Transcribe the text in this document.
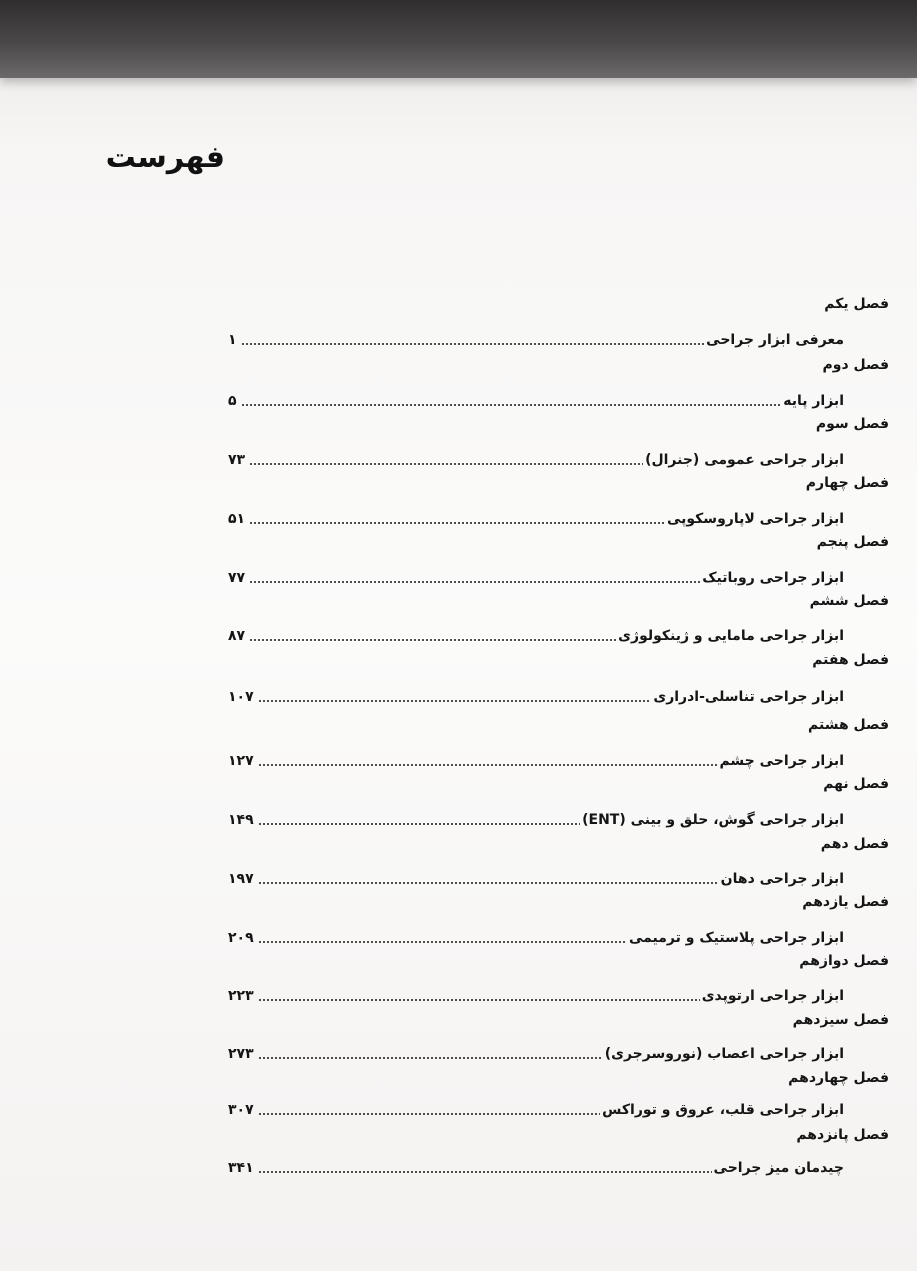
فهرست
فصل یکم
۱	معرفی ابزار جراحی
فصل دوم
۵	ابزار پایه
فصل سوم
۷۳	ابزار جراحی عمومی (جنرال)
فصل چهارم
۵۱	ابزار جراحی لاپاروسکوپی
فصل پنجم
۷۷	ابزار جراحی روباتیک
فصل ششم
۸۷	ابزار جراحی مامایی و ژینکولوژی
فصل هفتم
۱۰۷	ابزار جراحی تناسلی-ادراری
فصل هشتم
۱۲۷	ابزار جراحی چشم
فصل نهم
۱۴۹	ابزار جراحی گوش، حلق و بینی (ENT)
فصل دهم
۱۹۷	ابزار جراحی دهان
فصل یازدهم
۲۰۹	ابزار جراحی پلاستیک و ترمیمی
فصل دوازهم
۲۲۳	ابزار جراحی ارتوپدی
فصل سیزدهم
۲۷۳	ابزار جراحی اعصاب (نوروسرجری)
فصل چهاردهم
۳۰۷	ابزار جراحی قلب، عروق و توراکس
فصل پانزدهم
۳۴۱	چیدمان میز جراحی
